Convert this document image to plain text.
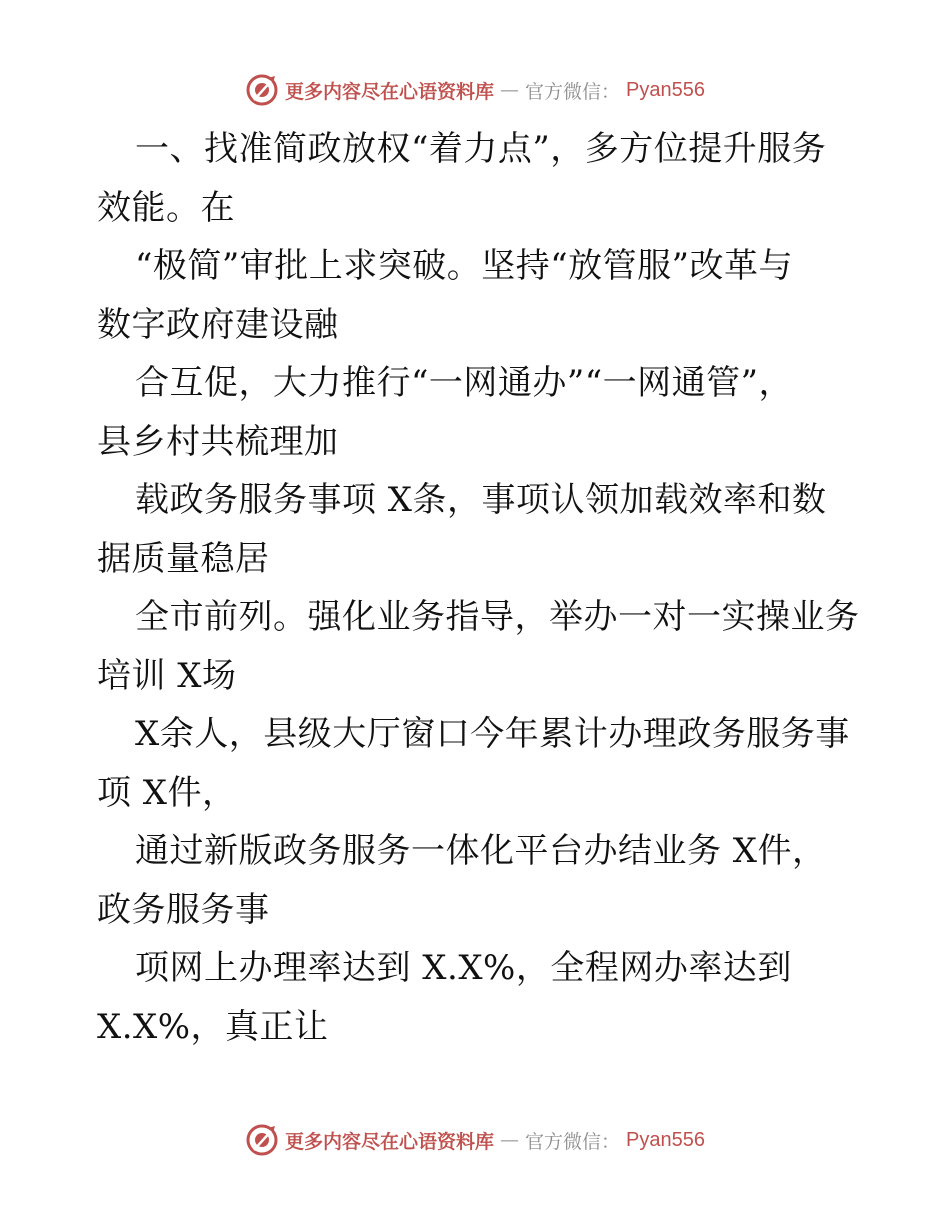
更多内容尽在心语资料库 — 官方微信： Pyan556
一、找准简政放权“着力点”，多方位提升服务
效能。在
“极简”审批上求突破。坚持“放管服”改革与
数字政府建设融
合互促，大力推行“一网通办”“一网通管”，
县乡村共梳理加
载政务服务事项 X条，事项认领加载效率和数
据质量稳居
全市前列。强化业务指导，举办一对一实操业务
培训 X场
X余人，县级大厅窗口今年累计办理政务服务事
项 X件，
通过新版政务服务一体化平台办结业务 X件，
政务服务事
项网上办理率达到 X.X%，全程网办率达到
X.X%，真正让
更多内容尽在心语资料库 — 官方微信： Pyan556
